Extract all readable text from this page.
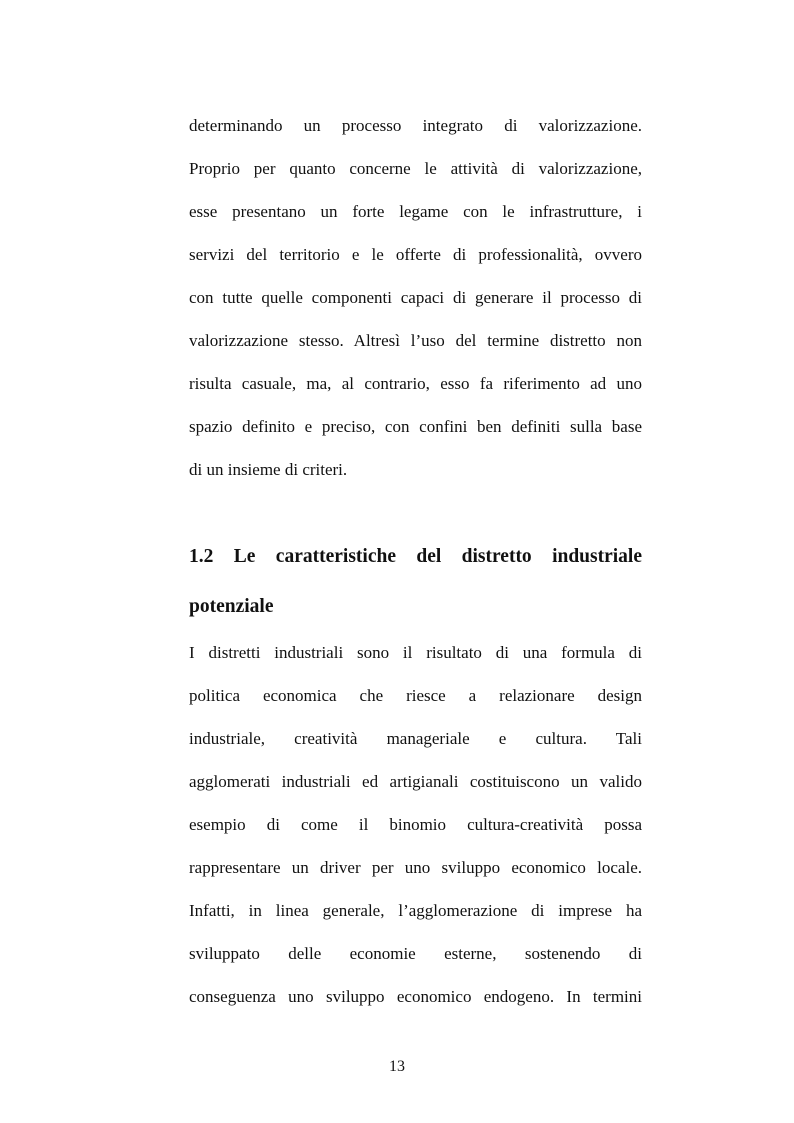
determinando un processo integrato di valorizzazione.

Proprio per quanto concerne le attività di valorizzazione,

esse presentano un forte legame con le infrastrutture, i

servizi del territorio e le offerte di professionalità, ovvero

con tutte quelle componenti capaci di generare il processo di

valorizzazione stesso. Altresì l’uso del termine distretto non

risulta casuale, ma, al contrario, esso fa riferimento ad uno

spazio definito e preciso, con confini ben definiti sulla base

di un insieme di criteri.

1.2 Le caratteristiche del distretto industriale

potenziale

I distretti industriali sono il risultato di una formula di

politica economica che riesce a relazionare design

industriale, creatività manageriale e cultura. Tali

agglomerati industriali ed artigianali costituiscono un valido

esempio di come il binomio cultura-creatività possa

rappresentare un driver per uno sviluppo economico locale.

Infatti, in linea generale, l’agglomerazione di imprese ha

sviluppato delle economie esterne, sostenendo di

conseguenza uno sviluppo economico endogeno. In termini

13
